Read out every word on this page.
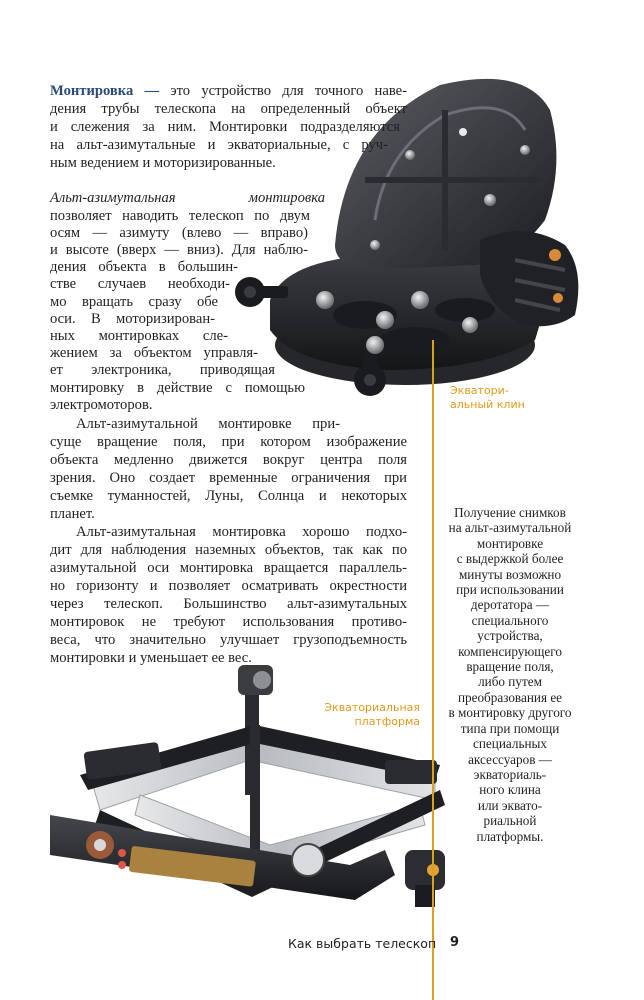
Монтировка — это устройство для точного наве-
дения трубы телескопа на определенный объект
и слежения за ним. Монтировки подразделяются
на альт-азимутальные и экваториальные, с руч-
ным ведением и моторизированные.
Альт-азимутальная	монтировка
позволяет наводить телескоп по двум
осям — азимуту (влево — вправо)
и высоте (вверх — вниз). Для наблю-
дения объекта в большин-
стве случаев необходи-
мо вращать сразу обе
оси. В моторизирован-
ных монтировках сле-
жением за объектом управля-
ет электроника, приводящая
монтировку в действие с помощью
электромоторов.
Альт-азимутальной монтировке при-
суще вращение поля, при котором изображение
объекта медленно движется вокруг центра поля
зрения. Оно создает временные ограничения при
съемке туманностей, Луны, Солнца и некоторых
планет.
Альт-азимутальная монтировка хорошо подхо-
дит для наблюдения наземных объектов, так как по
азимутальной оси монтировка вращается параллель-
но горизонту и позволяет осматривать окрестности
через телескоп. Большинство альт-азимутальных
монтировок не требуют использования противо-
веса, что значительно улучшает грузоподъемность
монтировки и уменьшает ее вес.
Экватори-
альный клин
Экваториальная
платформа
Получение снимков
на альт-азимутальной
монтировке
с выдержкой более
минуты возможно
при использовании
деротатора —
специального
устройства,
компенсирующего
вращение поля,
либо путем
преобразования ее
в монтировку другого
типа при помощи
специальных
аксессуаров —
экваториаль-
ного клина
или эквато-
риальной
платформы.
Как выбрать телескоп 9
